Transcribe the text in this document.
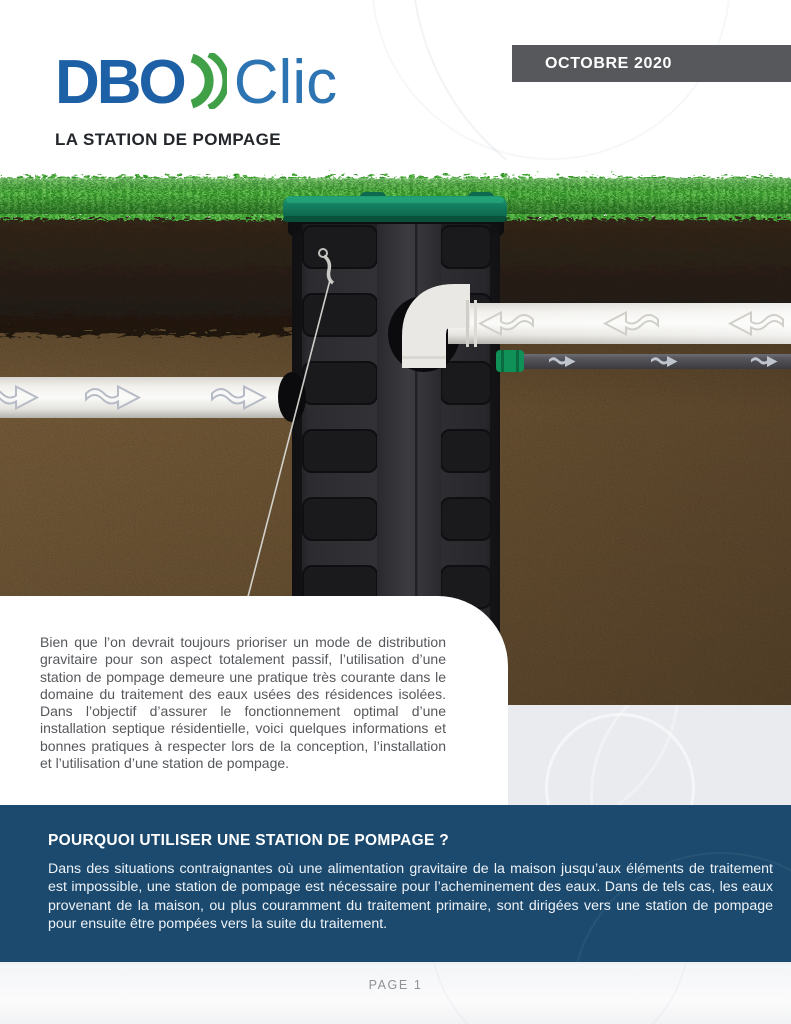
DBO Clic	OCTOBRE 2020
LA STATION DE POMPAGE

Bien que l’on devrait toujours prioriser un mode de distribution gravitaire pour son aspect totalement passif, l’utilisation d’une station de pompage demeure une pratique très courante dans le domaine du traitement des eaux usées des résidences isolées. Dans l’objectif d’assurer le fonctionnement optimal d’une installation septique résidentielle, voici quelques informations et bonnes pratiques à respecter lors de la conception, l’installation et l’utilisation d’une station de pompage.

POURQUOI UTILISER UNE STATION DE POMPAGE ?

Dans des situations contraignantes où une alimentation gravitaire de la maison jusqu’aux éléments de traitement est impossible, une station de pompage est nécessaire pour l’acheminement des eaux. Dans de tels cas, les eaux provenant de la maison, ou plus couramment du traitement primaire, sont dirigées vers une station de pompage pour ensuite être pompées vers la suite du traitement.

PAGE 1
